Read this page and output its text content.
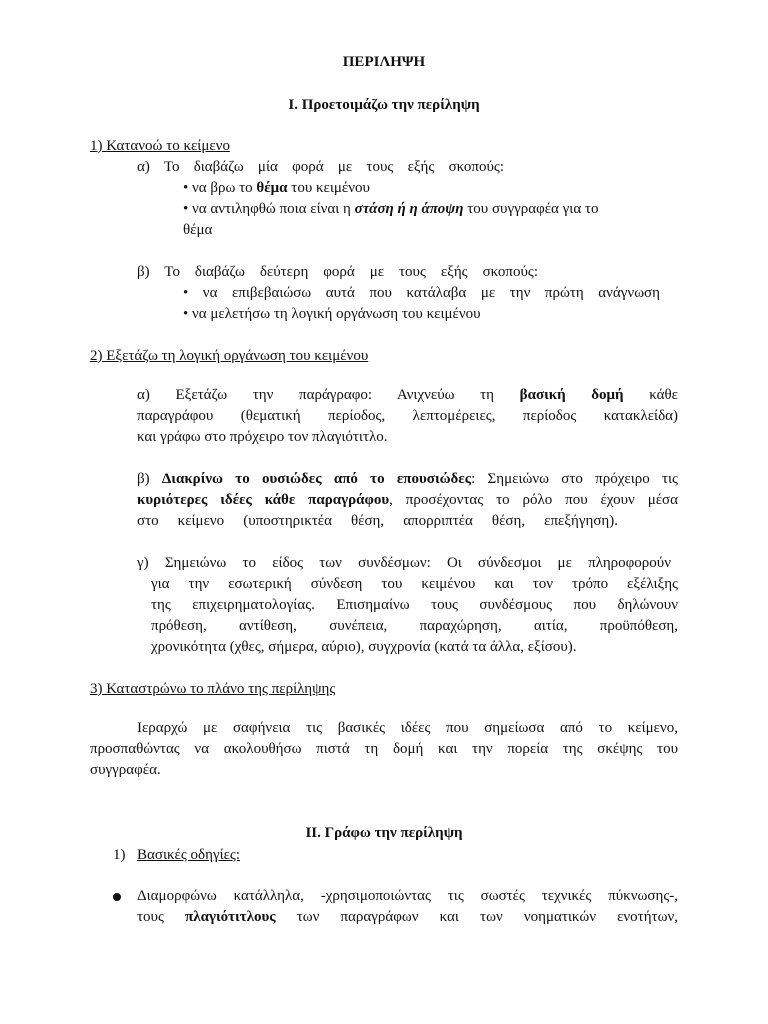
ΠΕΡΙΛΗΨΗ
Ι. Προετοιμάζω την περίληψη
1) Κατανοώ το κείμενο
α) Το διαβάζω μία φορά με τους εξής σκοπούς:
• να βρω το θέμα του κειμένου
• να αντιληφθώ ποια είναι η στάση ή η άποψη του συγγραφέα για το
θέμα
β) Το διαβάζω δεύτερη φορά με τους εξής σκοπούς:
• να επιβεβαιώσω αυτά που κατάλαβα με την πρώτη ανάγνωση
• να μελετήσω τη λογική οργάνωση του κειμένου
2) Εξετάζω τη λογική οργάνωση του κειμένου
α) Εξετάζω την παράγραφο: Ανιχνεύω τη βασική δομή κάθε
παραγράφου (θεματική περίοδος, λεπτομέρειες, περίοδος κατακλείδα)
και γράφω στο πρόχειρο τον πλαγιότιτλο.
β) Διακρίνω το ουσιώδες από το επουσιώδες: Σημειώνω στο πρόχειρο τις
κυριότερες ιδέες κάθε παραγράφου, προσέχοντας το ρόλο που έχουν μέσα
στο κείμενο (υποστηρικτέα θέση, απορριπτέα θέση, επεξήγηση).
γ) Σημειώνω το είδος των συνδέσμων: Οι σύνδεσμοι με πληροφορούν
για την εσωτερική σύνδεση του κειμένου και τον τρόπο εξέλιξης
της επιχειρηματολογίας. Επισημαίνω τους συνδέσμους που δηλώνουν
πρόθεση, αντίθεση, συνέπεια, παραχώρηση, αιτία, προϋπόθεση,
χρονικότητα (χθες, σήμερα, αύριο), συγχρονία (κατά τα άλλα, εξίσου).
3) Καταστρώνω το πλάνο της περίληψης
Ιεραρχώ με σαφήνεια τις βασικές ιδέες που σημείωσα από το κείμενο,
προσπαθώντας να ακολουθήσω πιστά τη δομή και την πορεία της σκέψης του
συγγραφέα.
ΙΙ. Γράφω την περίληψη
1) Βασικές οδηγίες:
Διαμορφώνω κατάλληλα, -χρησιμοποιώντας τις σωστές τεχνικές πύκνωσης-,
τους πλαγιότιτλους των παραγράφων και των νοηματικών ενοτήτων,
